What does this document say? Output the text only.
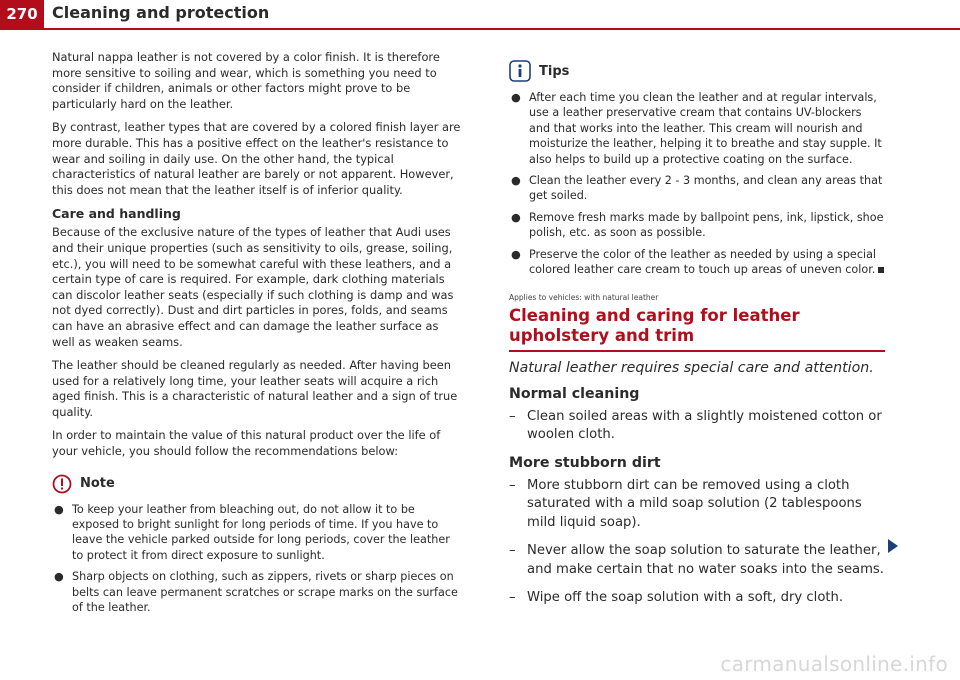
270 Cleaning and protection

Natural nappa leather is not covered by a color finish. It is therefore more sensitive to soiling and wear, which is something you need to consider if children, animals or other factors might prove to be particularly hard on the leather.

By contrast, leather types that are covered by a colored finish layer are more durable. This has a positive effect on the leather's resistance to wear and soiling in daily use. On the other hand, the typical characteristics of natural leather are barely or not apparent. However, this does not mean that the leather itself is of inferior quality.

Care and handling

Because of the exclusive nature of the types of leather that Audi uses and their unique properties (such as sensitivity to oils, grease, soiling, etc.), you will need to be somewhat careful with these leathers, and a certain type of care is required. For example, dark clothing materials can discolor leather seats (especially if such clothing is damp and was not dyed correctly). Dust and dirt particles in pores, folds, and seams can have an abrasive effect and can damage the leather surface as well as weaken seams.

The leather should be cleaned regularly as needed. After having been used for a relatively long time, your leather seats will acquire a rich aged finish. This is a characteristic of natural leather and a sign of true quality.

In order to maintain the value of this natural product over the life of your vehicle, you should follow the recommendations below:

Note
● To keep your leather from bleaching out, do not allow it to be exposed to bright sunlight for long periods of time. If you have to leave the vehicle parked outside for long periods, cover the leather to protect it from direct exposure to sunlight.
● Sharp objects on clothing, such as zippers, rivets or sharp pieces on belts can leave permanent scratches or scrape marks on the surface of the leather.
Tips
● After each time you clean the leather and at regular intervals, use a leather preservative cream that contains UV-blockers and that works into the leather. This cream will nourish and moisturize the leather, helping it to breathe and stay supple. It also helps to build up a protective coating on the surface.
● Clean the leather every 2 - 3 months, and clean any areas that get soiled.
● Remove fresh marks made by ballpoint pens, ink, lipstick, shoe polish, etc. as soon as possible.
● Preserve the color of the leather as needed by using a special colored leather care cream to touch up areas of uneven color.
Applies to vehicles: with natural leather
Cleaning and caring for leather upholstery and trim
Natural leather requires special care and attention.
Normal cleaning
– Clean soiled areas with a slightly moistened cotton or woolen cloth.
More stubborn dirt
– More stubborn dirt can be removed using a cloth saturated with a mild soap solution (2 tablespoons mild liquid soap).
– Never allow the soap solution to saturate the leather, and make certain that no water soaks into the seams.
– Wipe off the soap solution with a soft, dry cloth.
carmanualsonline.info
